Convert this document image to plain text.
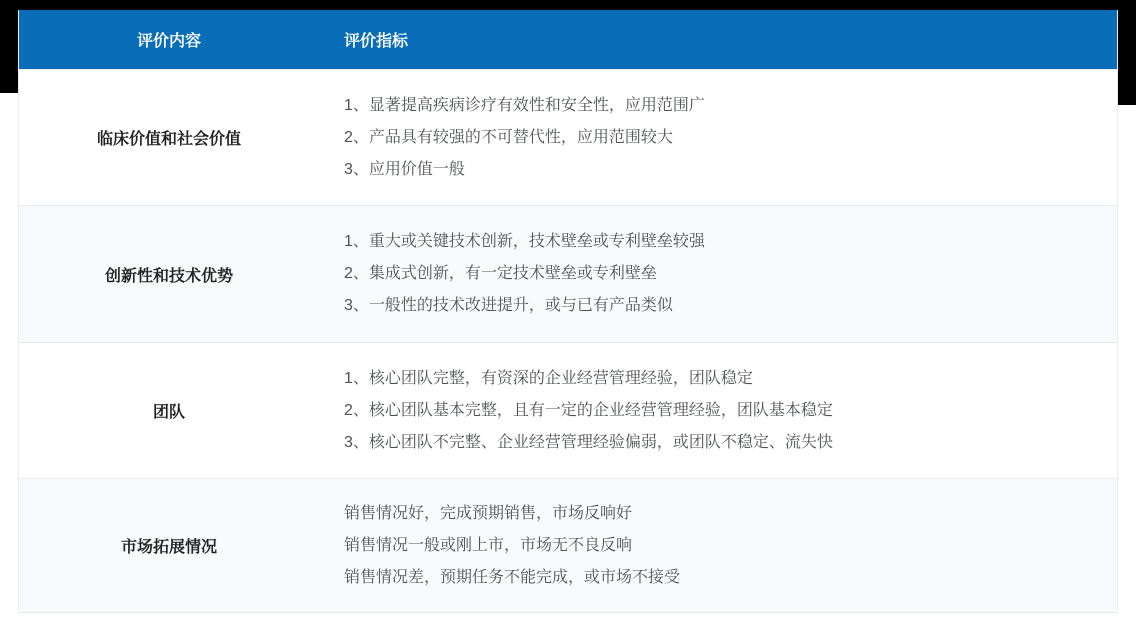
评价内容	评价指标
临床价值和社会价值
1、显著提高疾病诊疗有效性和安全性，应用范围广
2、产品具有较强的不可替代性，应用范围较大
3、应用价值一般
创新性和技术优势
1、重大或关键技术创新，技术壁垒或专利壁垒较强
2、集成式创新，有一定技术壁垒或专利壁垒
3、一般性的技术改进提升，或与已有产品类似
团队
1、核心团队完整，有资深的企业经营管理经验，团队稳定
2、核心团队基本完整，且有一定的企业经营管理经验，团队基本稳定
3、核心团队不完整、企业经营管理经验偏弱，或团队不稳定、流失快
市场拓展情况
销售情况好，完成预期销售，市场反响好
销售情况一般或刚上市，市场无不良反响
销售情况差，预期任务不能完成，或市场不接受
